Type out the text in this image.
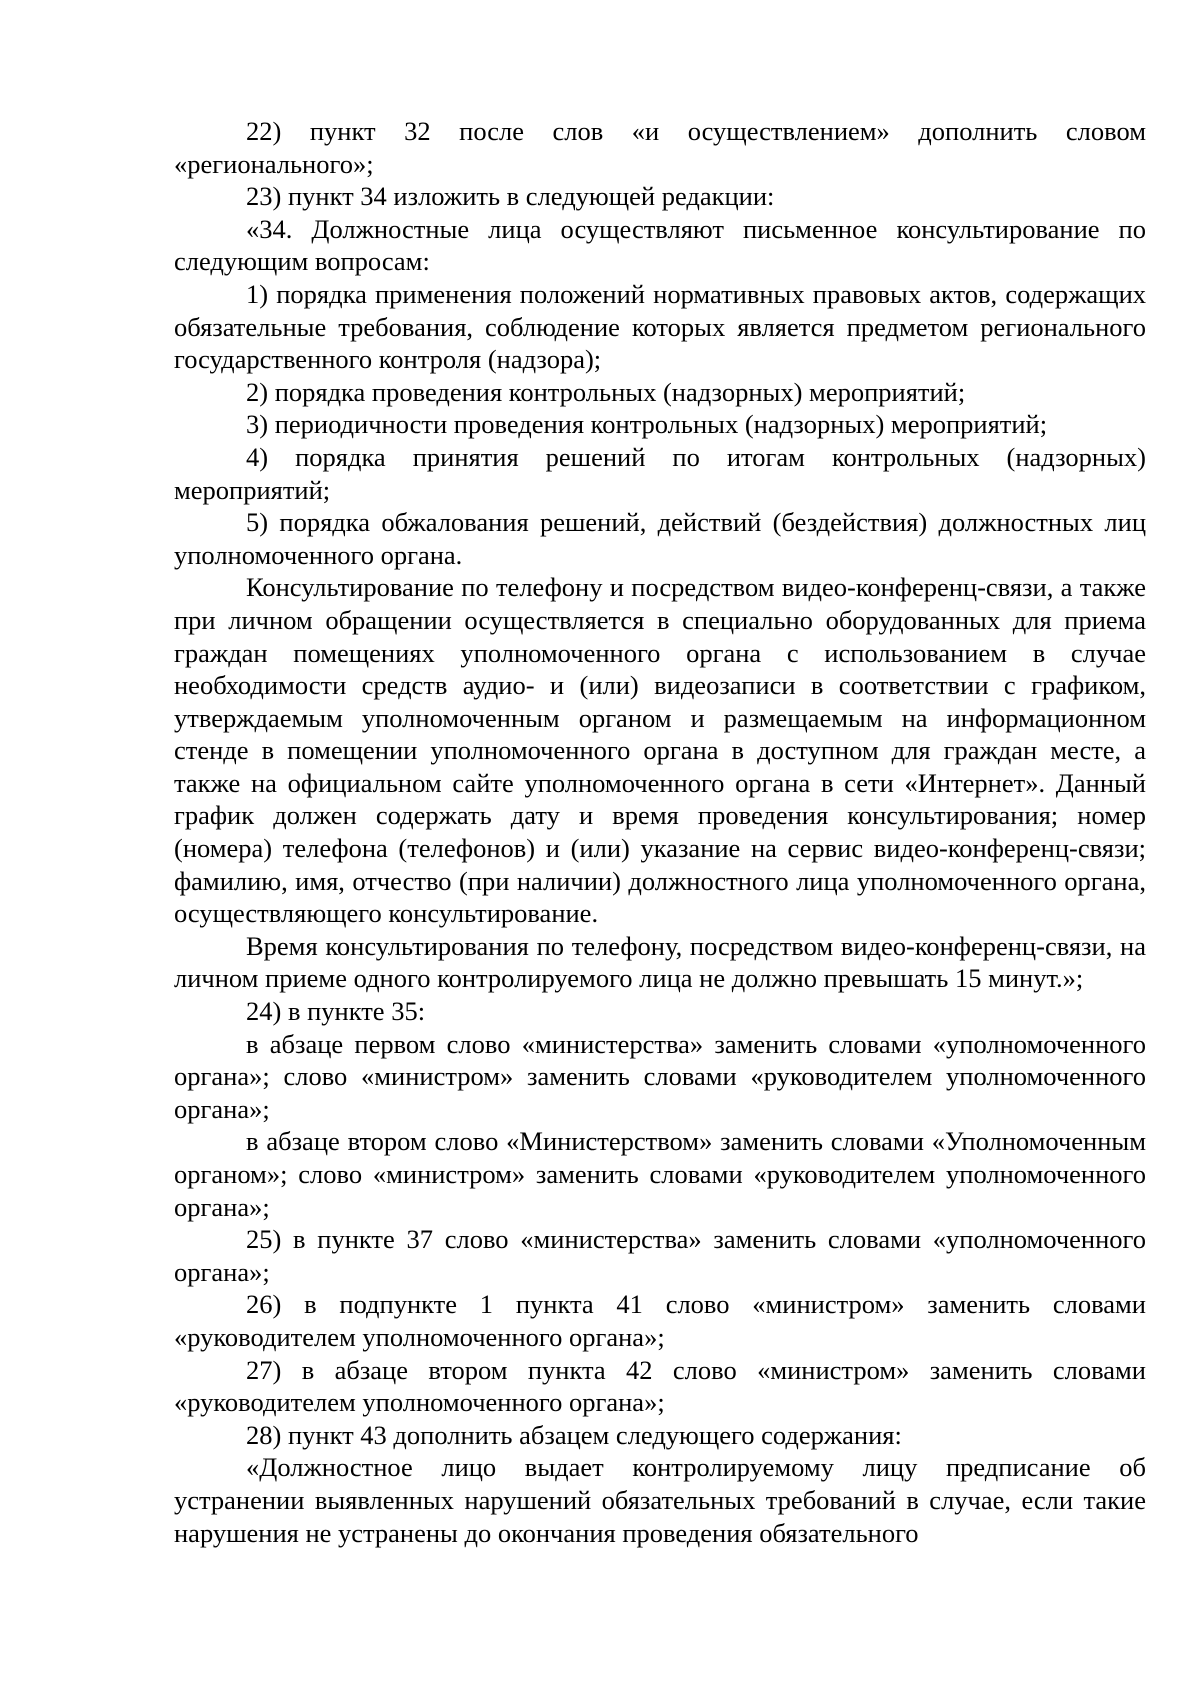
22) пункт 32 после слов «и осуществлением» дополнить словом «регионального»;

23) пункт 34 изложить в следующей редакции:

«34. Должностные лица осуществляют письменное консультирование по следующим вопросам:

1) порядка применения положений нормативных правовых актов, содержащих обязательные требования, соблюдение которых является предметом регионального государственного контроля (надзора);

2) порядка проведения контрольных (надзорных) мероприятий;

3) периодичности проведения контрольных (надзорных) мероприятий;

4) порядка принятия решений по итогам контрольных (надзорных) мероприятий;

5) порядка обжалования решений, действий (бездействия) должностных лиц уполномоченного органа.

Консультирование по телефону и посредством видео-конференц-связи, а также при личном обращении осуществляется в специально оборудованных для приема граждан помещениях уполномоченного органа с использованием в случае необходимости средств аудио- и (или) видеозаписи в соответствии с графиком, утверждаемым уполномоченным органом и размещаемым на информационном стенде в помещении уполномоченного органа в доступном для граждан месте, а также на официальном сайте уполномоченного органа в сети «Интернет». Данный график должен содержать дату и время проведения консультирования; номер (номера) телефона (телефонов) и (или) указание на сервис видео-конференц-связи; фамилию, имя, отчество (при наличии) должностного лица уполномоченного органа, осуществляющего консультирование.

Время консультирования по телефону, посредством видео-конференц-связи, на личном приеме одного контролируемого лица не должно превышать 15 минут.»;

24) в пункте 35:

в абзаце первом слово «министерства» заменить словами «уполномоченного органа»; слово «министром» заменить словами «руководителем уполномоченного органа»;

в абзаце втором слово «Министерством» заменить словами «Уполномоченным органом»; слово «министром» заменить словами «руководителем уполномоченного органа»;

25) в пункте 37 слово «министерства» заменить словами «уполномоченного органа»;

26) в подпункте 1 пункта 41 слово «министром» заменить словами «руководителем уполномоченного органа»;

27) в абзаце втором пункта 42 слово «министром» заменить словами «руководителем уполномоченного органа»;

28) пункт 43 дополнить абзацем следующего содержания:

«Должностное лицо выдает контролируемому лицу предписание об устранении выявленных нарушений обязательных требований в случае, если такие нарушения не устранены до окончания проведения обязательного
